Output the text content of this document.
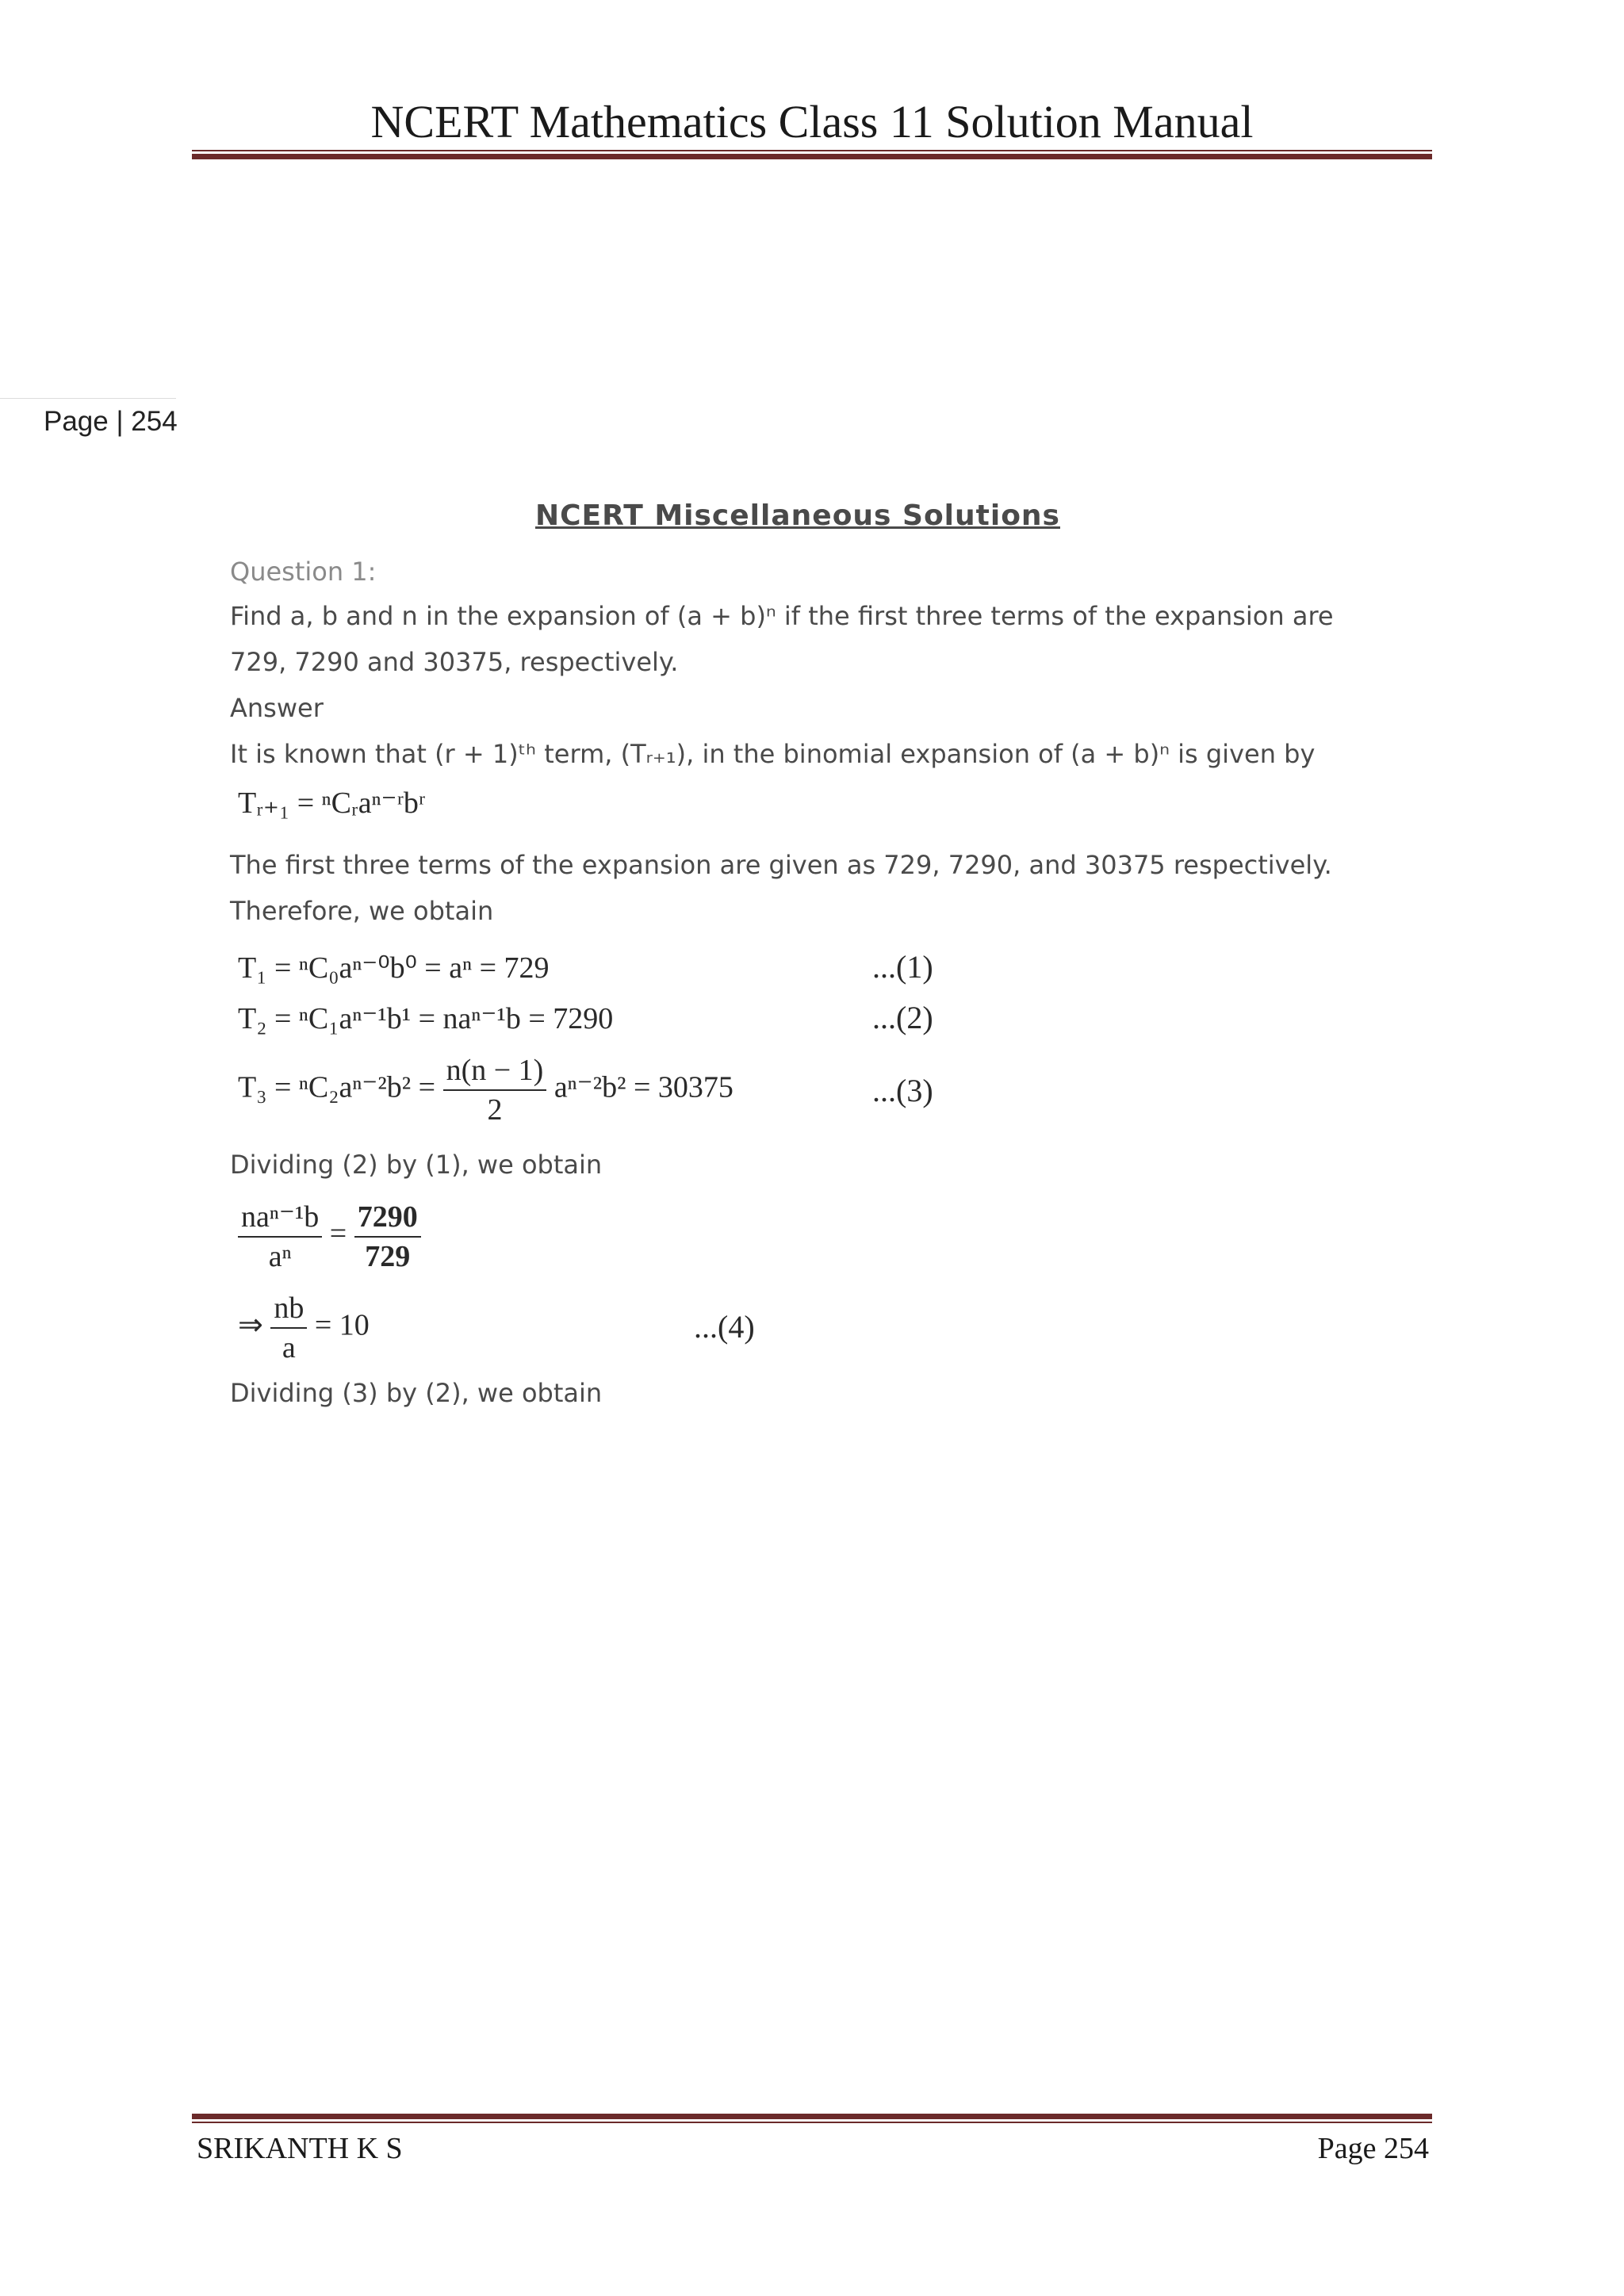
NCERT Mathematics Class 11 Solution Manual
Page | 254
NCERT Miscellaneous Solutions
Question 1:
Find a, b and n in the expansion of (a + b)ⁿ if the first three terms of the expansion are
729, 7290 and 30375, respectively.
Answer
It is known that (r + 1)ᵗʰ term, (Tᵣ₊₁), in the binomial expansion of (a + b)ⁿ is given by
Tᵣ₊₁ = ⁿCᵣaⁿ⁻ʳbʳ
The first three terms of the expansion are given as 729, 7290, and 30375 respectively.
Therefore, we obtain
T₁ = ⁿC₀aⁿ⁻⁰b⁰ = aⁿ = 729	...(1)
T₂ = ⁿC₁aⁿ⁻¹b¹ = naⁿ⁻¹b = 7290	...(2)
$T_3 = ^nC_2a^{n-2}b^2 = \frac{n(n - 1)}{2} a^{n-2}b^2 = 30375$	...(3)
Dividing (2) by (1), we obtain
$\frac{\text{naⁿ⁻¹b}}{\text{aⁿ}} = \frac{7290}{729}$
⇒ $\frac{nb}{a} = 10$	...(4)
Dividing (3) by (2), we obtain
SRIKANTH K S	Page 254
